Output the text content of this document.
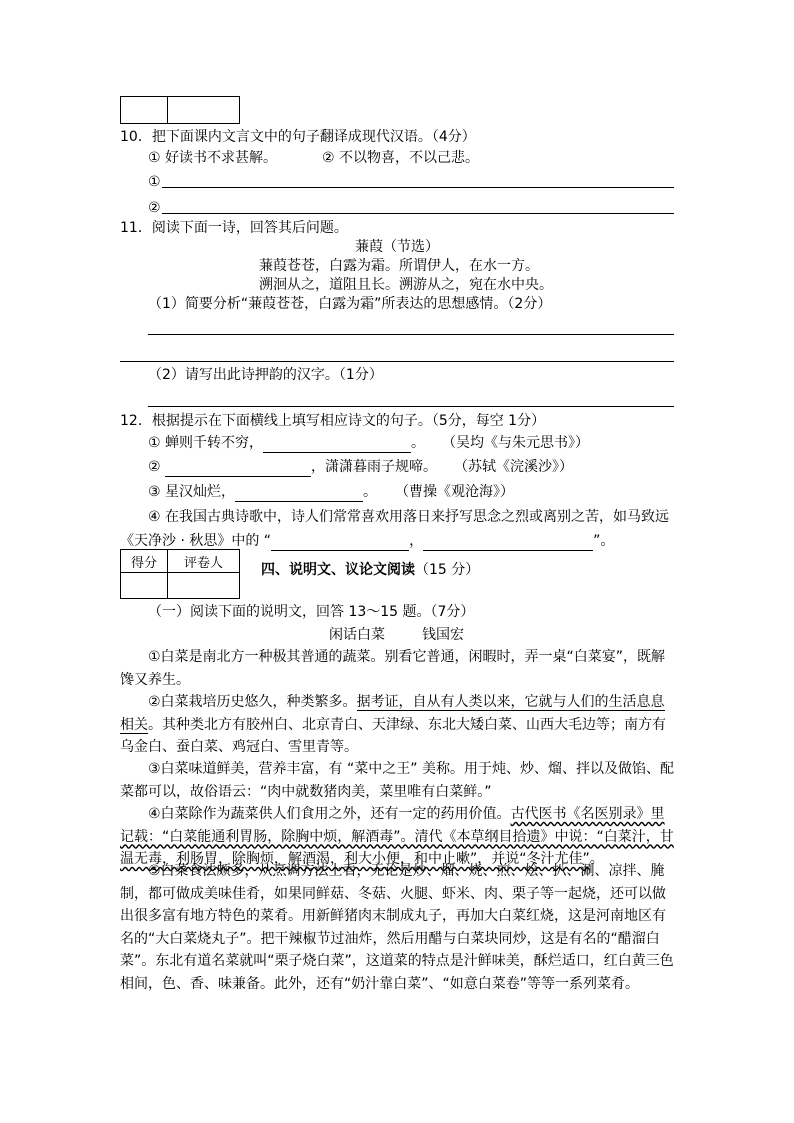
10．把下面课内文言文中的句子翻译成现代汉语。（4分）
① 好读书不求甚解。	② 不以物喜，不以己悲。
①
②
11．阅读下面一诗，回答其后问题。
蒹葭（节选）
蒹葭苍苍，白露为霜。所谓伊人，在水一方。
溯洄从之，道阻且长。溯游从之，宛在水中央。
（1）简要分析“蒹葭苍苍，白露为霜”所表达的思想感情。（2分）
（2）请写出此诗押韵的汉字。（1分）
12．根据提示在下面横线上填写相应诗文的句子。（5分，每空 1分）
① 蝉则千转不穷，	。 （吴均《与朱元思书》）
②	，潇潇暮雨子规啼。 （苏轼《浣溪沙》）
③ 星汉灿烂，	。 （曹操《观沧海》）
④ 在我国古典诗歌中，诗人们常常喜欢用落日来抒写思念之烈或离别之苦，如马致远
《天净沙 · 秋思》中的 “	，	”。
得分	评卷人
		四、说明文、议论文阅读（15 分）
（一）阅读下面的说明文，回答 13～15 题。（7分）
闲话白菜	钱国宏
①白菜是南北方一种极其普通的蔬菜。别看它普通，闲暇时，弄一桌“白菜宴”，既解馋又养生。
②白菜栽培历史悠久，种类繁多。据考证，自从有人类以来，它就与人们的生活息息相关。其种类北方有胶州白、北京青白、天津绿、东北大矮白菜、山西大毛边等；南方有乌金白、蚕白菜、鸡冠白、雪里青等。
③白菜味道鲜美，营养丰富，有 “菜中之王” 美称。用于炖、炒、熘、拌以及做馅、配菜都可以，故俗语云：“肉中就数猪肉美，菜里唯有白菜鲜。”
④白菜除作为蔬菜供人们食用之外，还有一定的药用价值。古代医书《名医别录》里记载：“白菜能通利胃肠，除胸中烦，解酒毒”。清代《本草纲目拾遗》中说：“白菜汁，甘温无毒，利肠胃，除胸烦，解酒渴，利大小便，和中止嗽”，并说“冬汁尤佳”。
⑤白菜食法颇多，从烹调方法上看，无论是炒、熘、烧、煎、烩、扒、涮、凉拌、腌制，都可做成美味佳肴，如果同鲜菇、冬菇、火腿、虾米、肉、栗子等一起烧，还可以做出很多富有地方特色的菜肴。用新鲜猪肉末制成丸子，再加大白菜红烧，这是河南地区有名的“大白菜烧丸子”。把干辣椒节过油炸，然后用醋与白菜块同炒，这是有名的“醋溜白菜”。东北有道名菜就叫“栗子烧白菜”，这道菜的特点是汁鲜味美，酥烂适口，红白黄三色相间，色、香、味兼备。此外，还有“奶汁靠白菜”、“如意白菜卷”等等一系列菜肴。
